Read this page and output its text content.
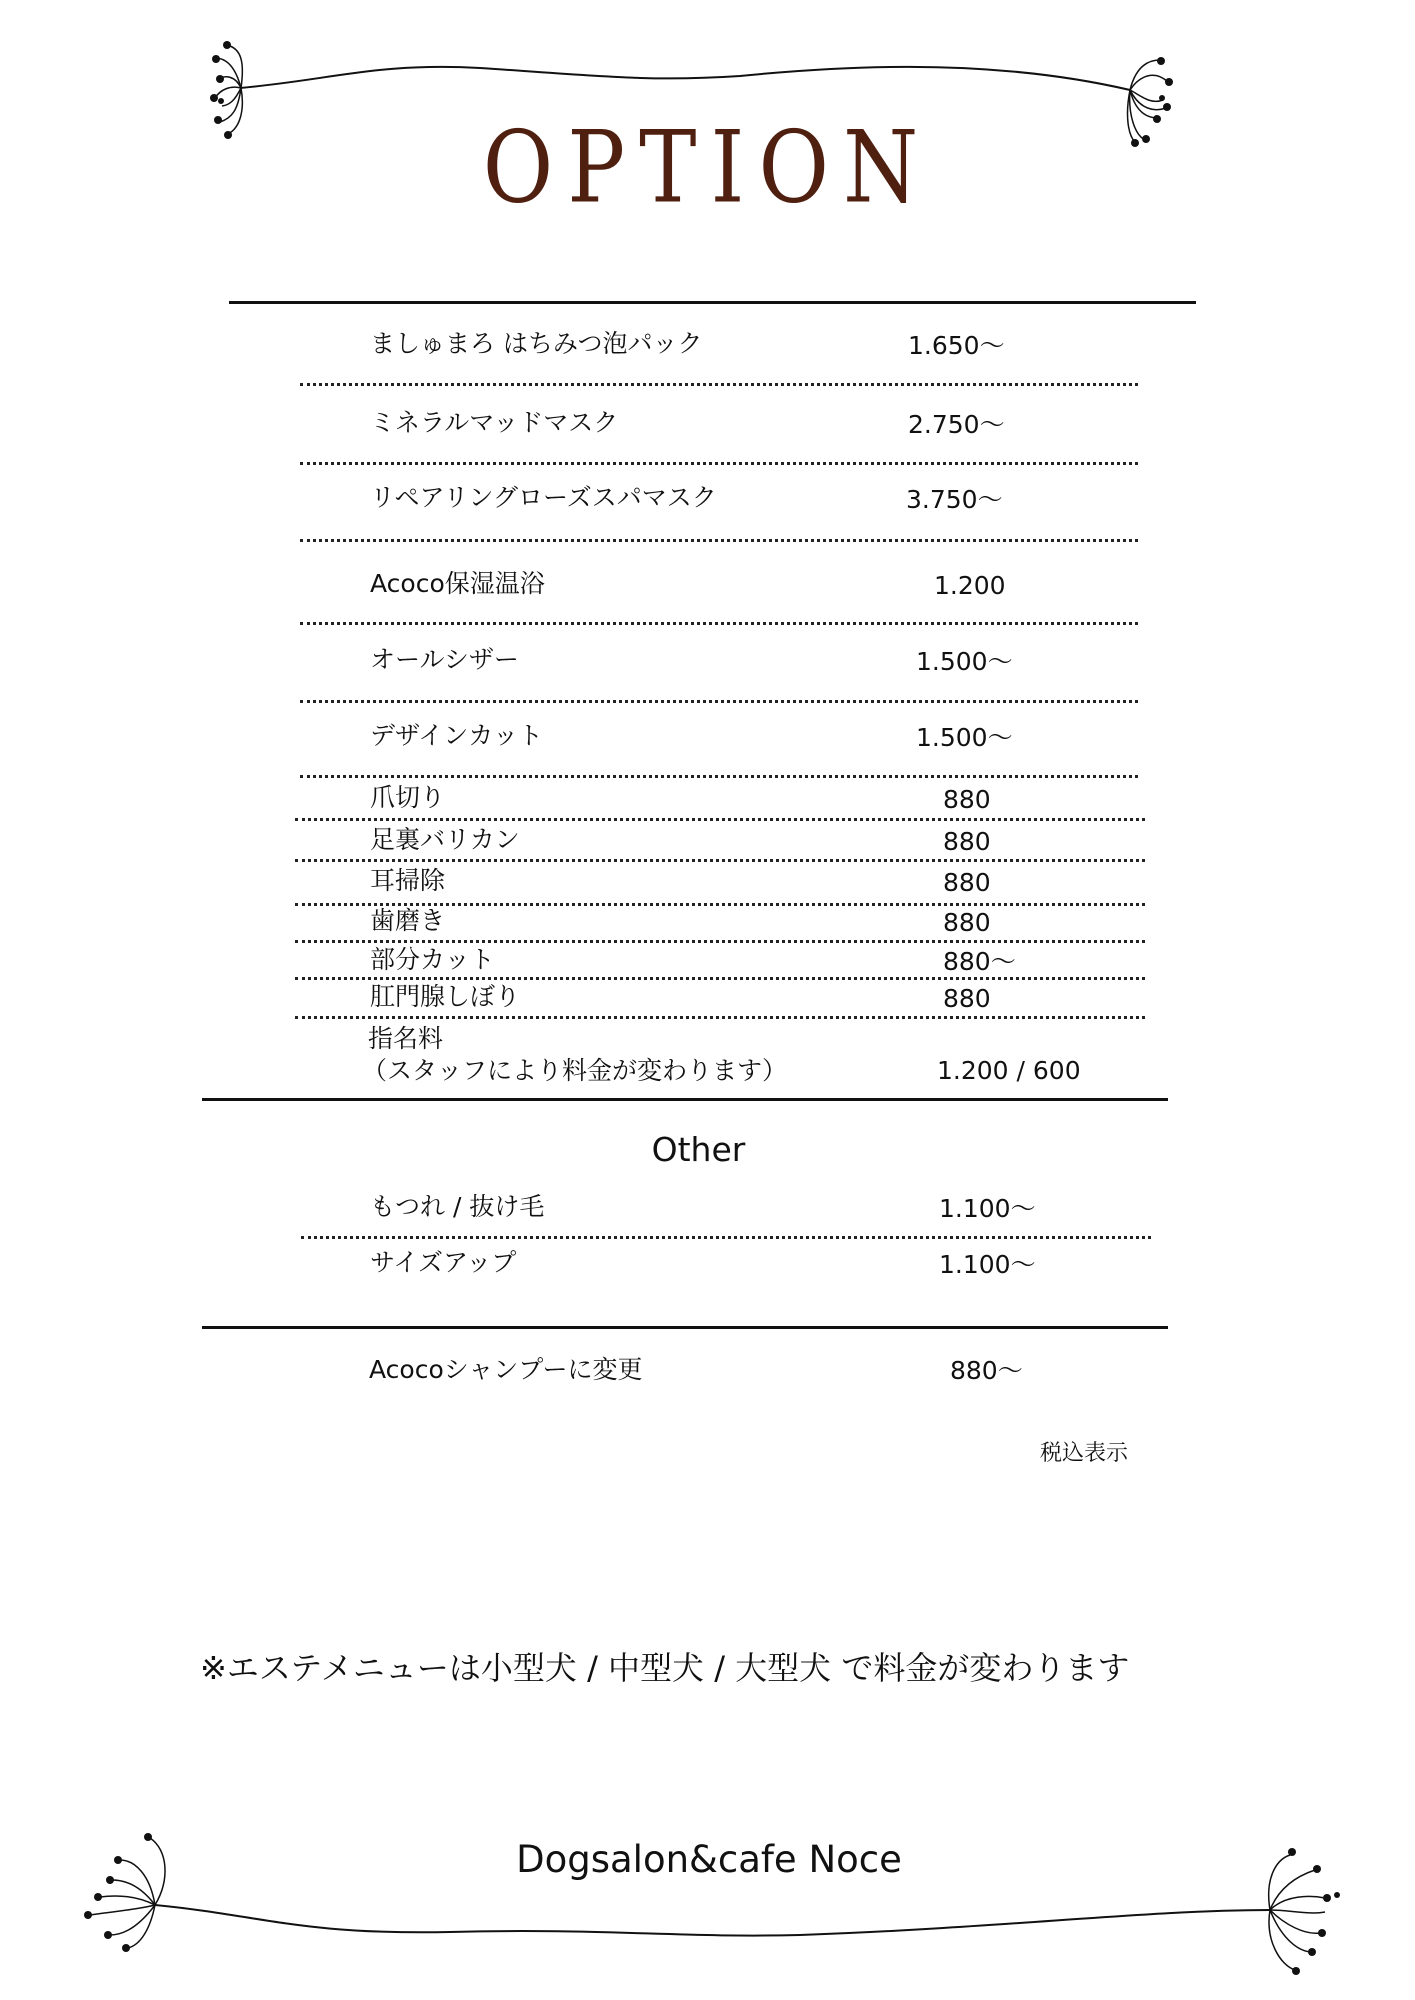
OPTION
ましゅまろ はちみつ泡パック	1.650〜
ミネラルマッドマスク	2.750〜
リペアリングローズスパマスク	3.750〜
Acoco保湿温浴	1.200
オールシザー	1.500〜
デザインカット	1.500〜
爪切り	880
足裏バリカン	880
耳掃除	880
歯磨き	880
部分カット	880〜
肛門腺しぼり	880
指名料
（スタッフにより料金が変わります）	1.200 / 600
Other
もつれ / 抜け毛	1.100〜
サイズアップ	1.100〜
Acocoシャンプーに変更	880〜
税込表示
※エステメニューは小型犬 / 中型犬 / 大型犬 で料金が変わります
Dogsalon&cafe Noce
